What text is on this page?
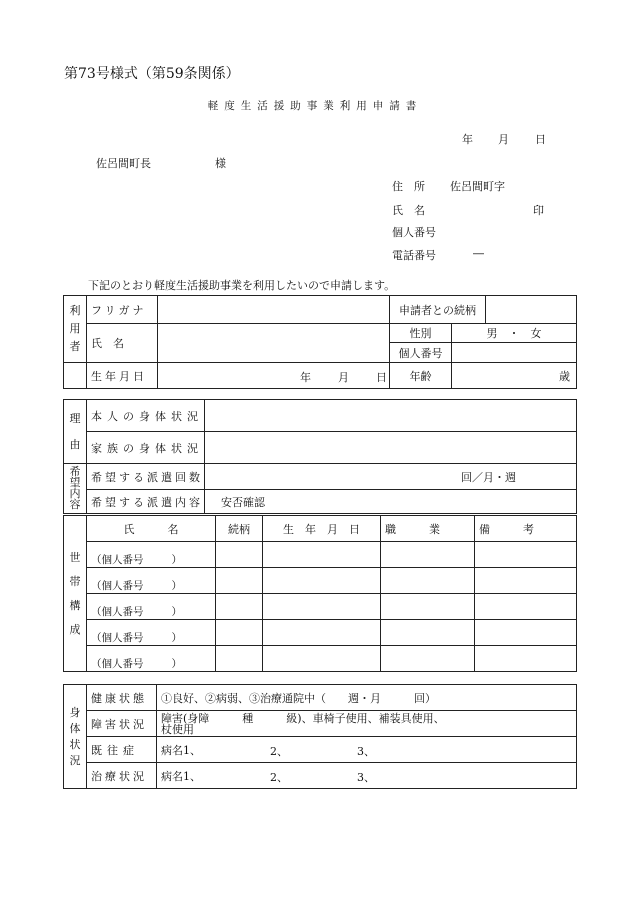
第73号様式（第59条関係）
軽度生活援助事業利用申請書
年 月 日
佐呂間町長	様
住　所 佐呂間町字
氏　名	印
個人番号
電話番号	―
下記のとおり軽度生活援助事業を利用したいので申請します。
利用者	フリガナ		申請者との続柄		

氏　名		性別	男　・　女	
			個人番号		
	生年月日	年 月 日	年齢	歳	
理由	本人の身体状況	
	家族の身体状況	
希望内容	希望する派遣回数	回／月・週
	希望する派遣内容	安否確認
世帯構成	氏　　　名	続柄	生　年　月　日	職　　　業	備　　　考
	（個人番号 ）				
	（個人番号 ）				
	（個人番号 ）				
	（個人番号 ）				
	（個人番号 ）				
身体状況	健康状態	①良好、②病弱、③治療通院中（　　週・月　　　回）
	障害状況	障害(身障　　　種　　　級)、車椅子使用、補装具使用、
杖使用

	既往症	病名1、 2、 3、

	治療状況	病名1、 2、 3、
